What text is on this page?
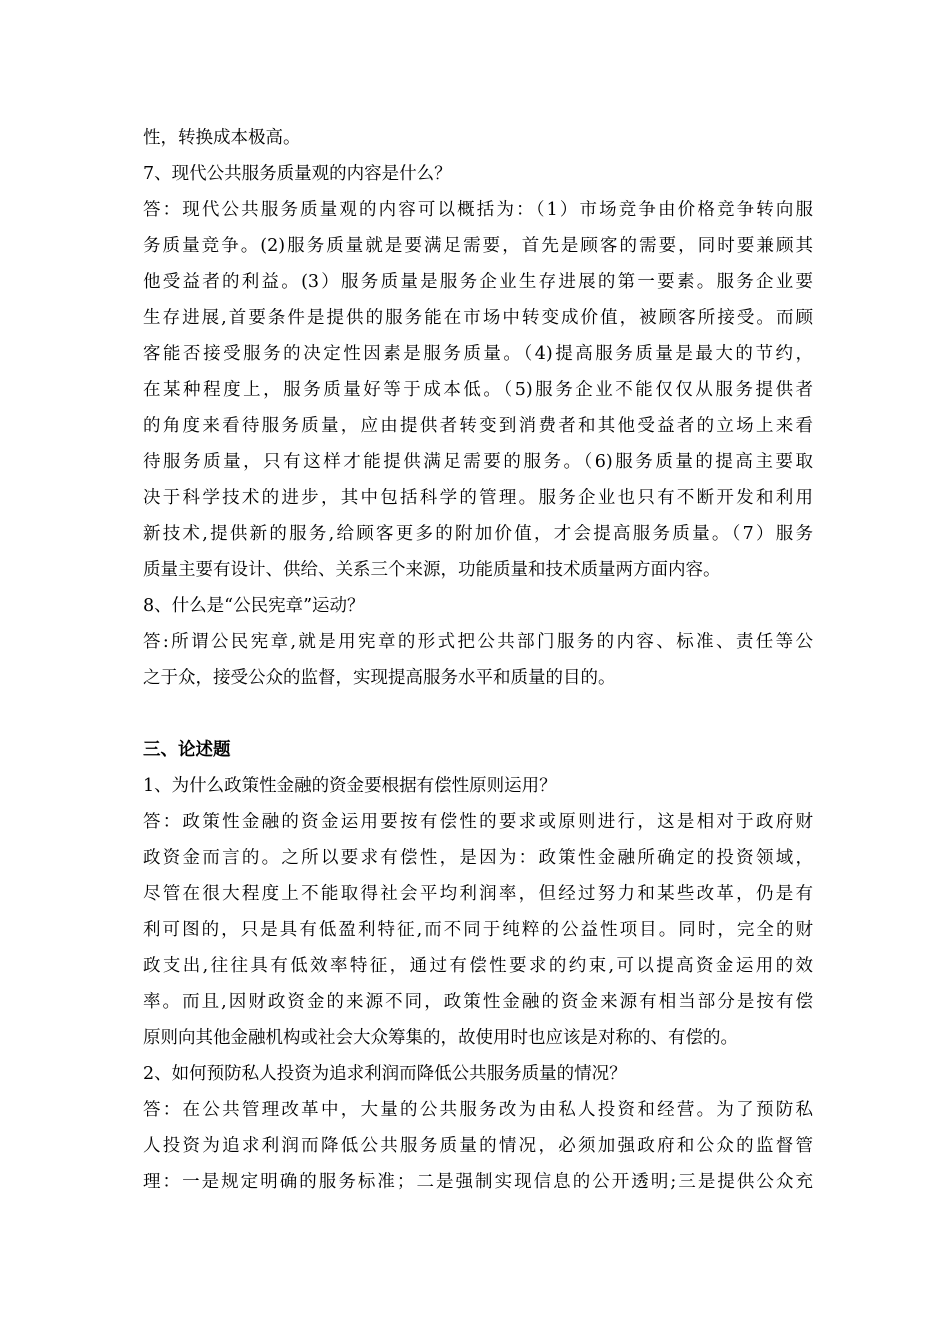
性，转换成本极高。
7、现代公共服务质量观的内容是什么？
答：现代公共服务质量观的内容可以概括为：（1）市场竞争由价格竞争转向服
务质量竞争。(2)服务质量就是要满足需要，首先是顾客的需要，同时要兼顾其
他受益者的利益。(3）服务质量是服务企业生存进展的第一要素。服务企业要
生存进展,首要条件是提供的服务能在市场中转变成价值，被顾客所接受。而顾
客能否接受服务的决定性因素是服务质量。（4)提高服务质量是最大的节约，
在某种程度上，服务质量好等于成本低。（5)服务企业不能仅仅从服务提供者
的角度来看待服务质量，应由提供者转变到消费者和其他受益者的立场上来看
待服务质量，只有这样才能提供满足需要的服务。（6)服务质量的提高主要取
决于科学技术的进步，其中包括科学的管理。服务企业也只有不断开发和利用
新技术,提供新的服务,给顾客更多的附加价值，才会提高服务质量。（7）服务
质量主要有设计、供给、关系三个来源，功能质量和技术质量两方面内容。
8、什么是“公民宪章”运动？
答:所谓公民宪章,就是用宪章的形式把公共部门服务的内容、标准、责任等公
之于众，接受公众的监督，实现提高服务水平和质量的目的。
三、论述题
1、为什么政策性金融的资金要根据有偿性原则运用？
答：政策性金融的资金运用要按有偿性的要求或原则进行，这是相对于政府财
政资金而言的。之所以要求有偿性，是因为：政策性金融所确定的投资领域，
尽管在很大程度上不能取得社会平均利润率，但经过努力和某些改革，仍是有
利可图的，只是具有低盈利特征,而不同于纯粹的公益性项目。同时，完全的财
政支出,往往具有低效率特征，通过有偿性要求的约束,可以提高资金运用的效
率。而且,因财政资金的来源不同，政策性金融的资金来源有相当部分是按有偿
原则向其他金融机构或社会大众筹集的，故使用时也应该是对称的、有偿的。
2、如何预防私人投资为追求利润而降低公共服务质量的情况？
答：在公共管理改革中，大量的公共服务改为由私人投资和经营。为了预防私
人投资为追求利润而降低公共服务质量的情况，必须加强政府和公众的监督管
理：一是规定明确的服务标准；二是强制实现信息的公开透明;三是提供公众充
